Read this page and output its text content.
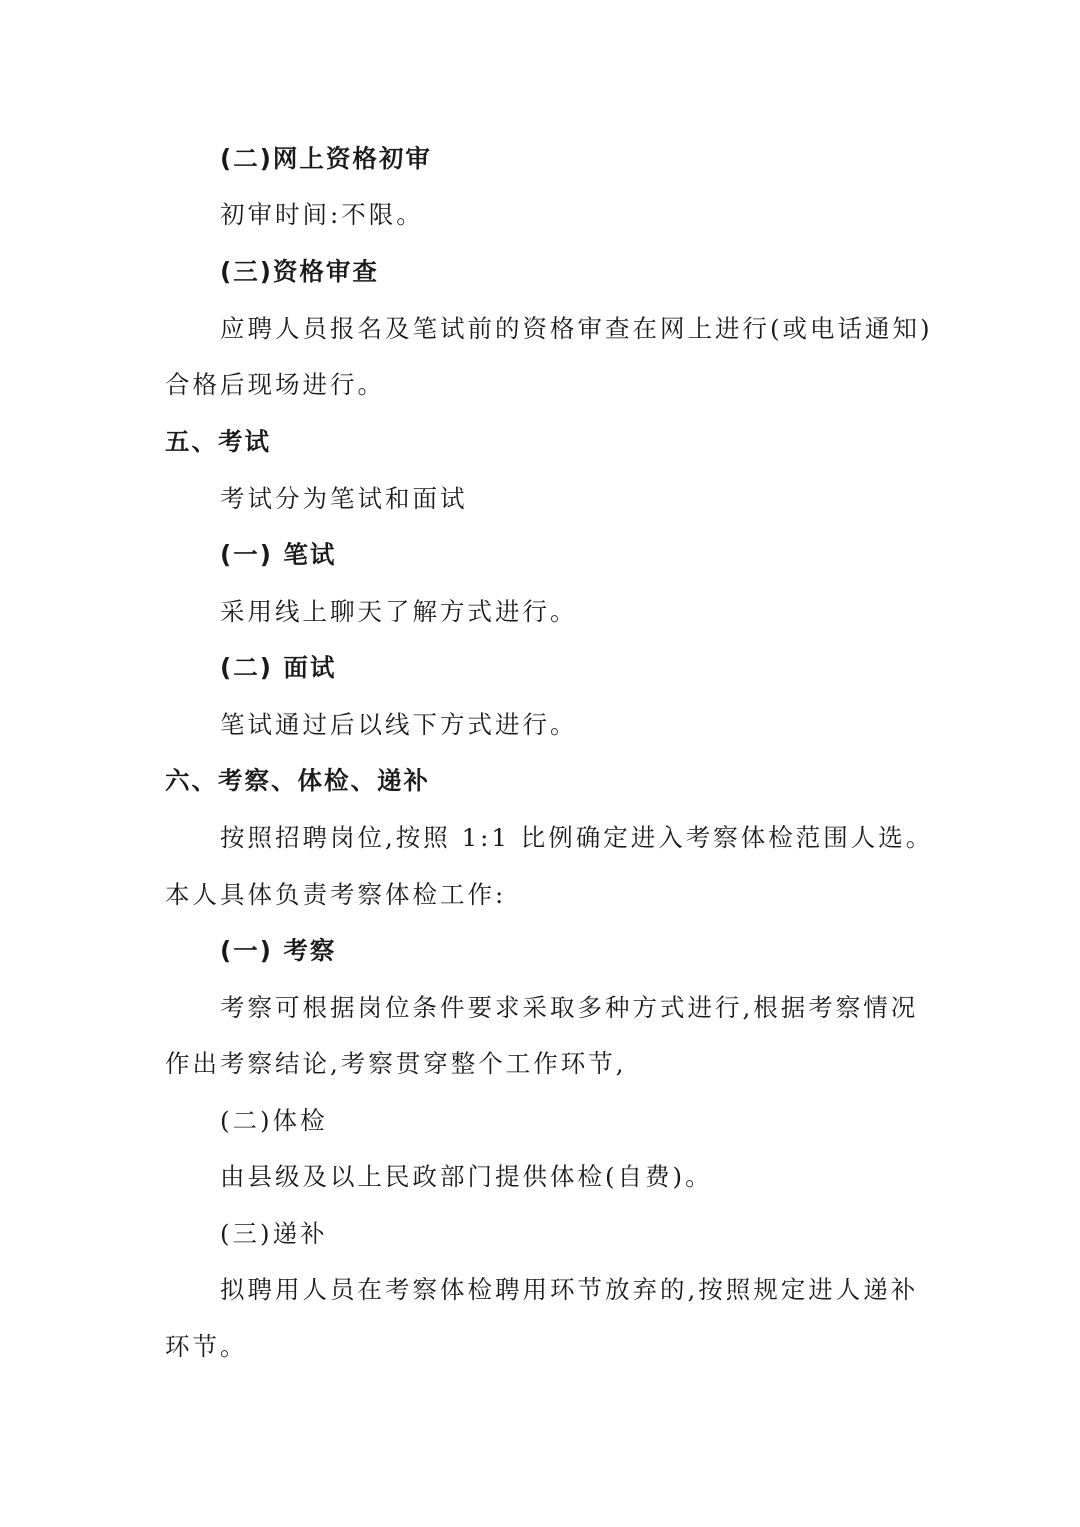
(二)网上资格初审
初审时间:不限。
(三)资格审查
应聘人员报名及笔试前的资格审查在网上进行(或电话通知)
合格后现场进行。
五、考试
考试分为笔试和面试
(一) 笔试
采用线上聊天了解方式进行。
(二) 面试
笔试通过后以线下方式进行。
六、考察、体检、递补
按照招聘岗位,按照 1:1 比例确定进入考察体检范围人选。
本人具体负责考察体检工作:
(一) 考察
考察可根据岗位条件要求采取多种方式进行,根据考察情况
作出考察结论,考察贯穿整个工作环节,
(二)体检
由县级及以上民政部门提供体检(自费)。
(三)递补
拟聘用人员在考察体检聘用环节放弃的,按照规定进人递补
环节。
